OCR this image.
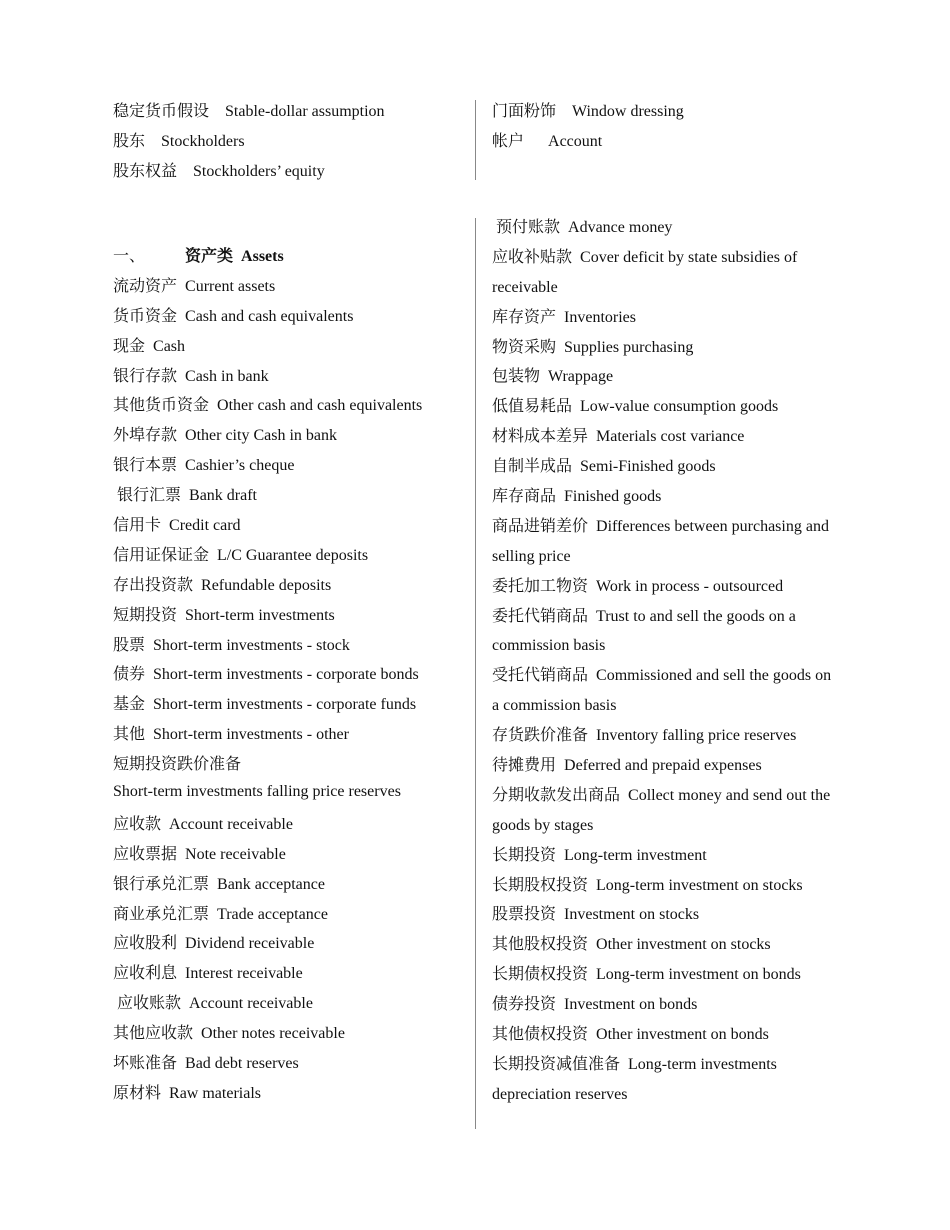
稳定货币假设 Stable-dollar assumption
股东 Stockholders
股东权益 Stockholders’ equity
门面粉饰 Window dressing
帐户 Account
一、	资产类 Assets
流动资产 Current assets
货币资金 Cash and cash equivalents
现金 Cash
银行存款 Cash in bank
其他货币资金 Other cash and cash equivalents
外埠存款 Other city Cash in bank
银行本票 Cashier’s cheque
银行汇票 Bank draft
信用卡 Credit card
信用证保证金 L/C Guarantee deposits
存出投资款 Refundable deposits
短期投资 Short-term investments
股票 Short-term investments - stock
债券 Short-term investments - corporate bonds
基金 Short-term investments - corporate funds
其他 Short-term investments - other
短期投资跌价准备
Short-term investments falling price reserves
应收款 Account receivable
应收票据 Note receivable
银行承兑汇票 Bank acceptance
商业承兑汇票 Trade acceptance
应收股利 Dividend receivable
应收利息 Interest receivable
应收账款 Account receivable
其他应收款 Other notes receivable
坏账准备 Bad debt reserves
原材料 Raw materials
预付账款 Advance money
应收补贴款 Cover deficit by state subsidies of
receivable
库存资产 Inventories
物资采购 Supplies purchasing
包装物 Wrappage
低值易耗品 Low-value consumption goods
材料成本差异 Materials cost variance
自制半成品 Semi-Finished goods
库存商品 Finished goods
商品进销差价 Differences between purchasing and
selling price
委托加工物资 Work in process - outsourced
委托代销商品 Trust to and sell the goods on a
commission basis
受托代销商品 Commissioned and sell the goods on
a commission basis
存货跌价准备 Inventory falling price reserves
待摊费用 Deferred and prepaid expenses
分期收款发出商品 Collect money and send out the
goods by stages
长期投资 Long-term investment
长期股权投资 Long-term investment on stocks
股票投资 Investment on stocks
其他股权投资 Other investment on stocks
长期债权投资 Long-term investment on bonds
债券投资 Investment on bonds
其他债权投资 Other investment on bonds
长期投资减值准备 Long-term investments
depreciation reserves
